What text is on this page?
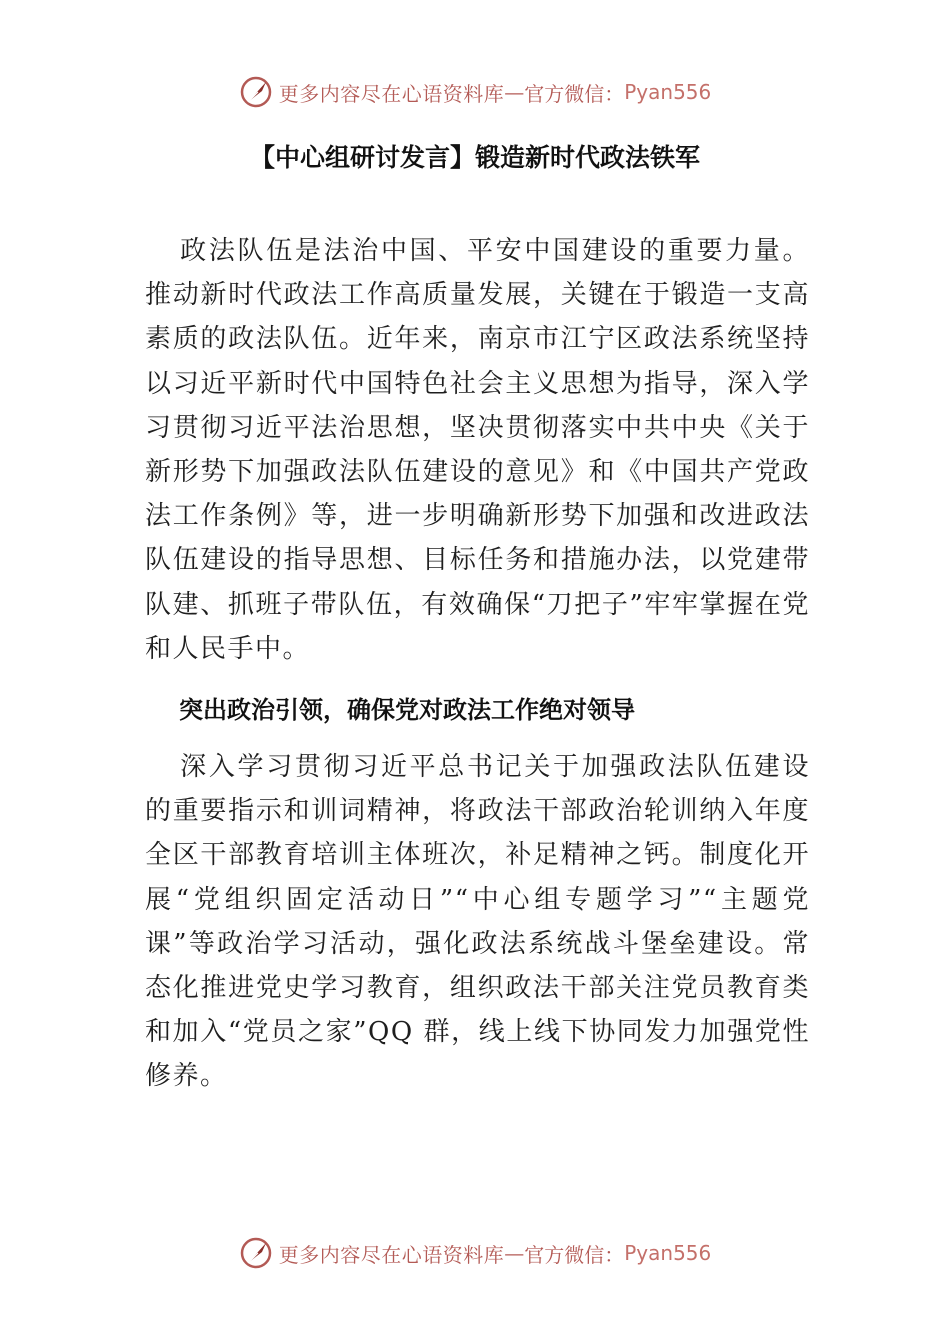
更多内容尽在心语资料库 — 官方微信： Pyan556
【中心组研讨发言】锻造新时代政法铁军

政法队伍是法治中国、平安中国建设的重要力量。推动新时代政法工作高质量发展，关键在于锻造一支高素质的政法队伍。近年来，南京市江宁区政法系统坚持以习近平新时代中国特色社会主义思想为指导，深入学习贯彻习近平法治思想，坚决贯彻落实中共中央《关于新形势下加强政法队伍建设的意见》和《中国共产党政法工作条例》等，进一步明确新形势下加强和改进政法队伍建设的指导思想、目标任务和措施办法，以党建带队建、抓班子带队伍，有效确保“刀把子”牢牢掌握在党和人民手中。

突出政治引领，确保党对政法工作绝对领导

深入学习贯彻习近平总书记关于加强政法队伍建设的重要指示和训词精神，将政法干部政治轮训纳入年度全区干部教育培训主体班次，补足精神之钙。制度化开展“党组织固定活动日”“中心组专题学习”“主题党课”等政治学习活动，强化政法系统战斗堡垒建设。常态化推进党史学习教育，组织政法干部关注党员教育类和加入“党员之家”QQ 群，线上线下协同发力加强党性修养。

更多内容尽在心语资料库 — 官方微信： Pyan556
